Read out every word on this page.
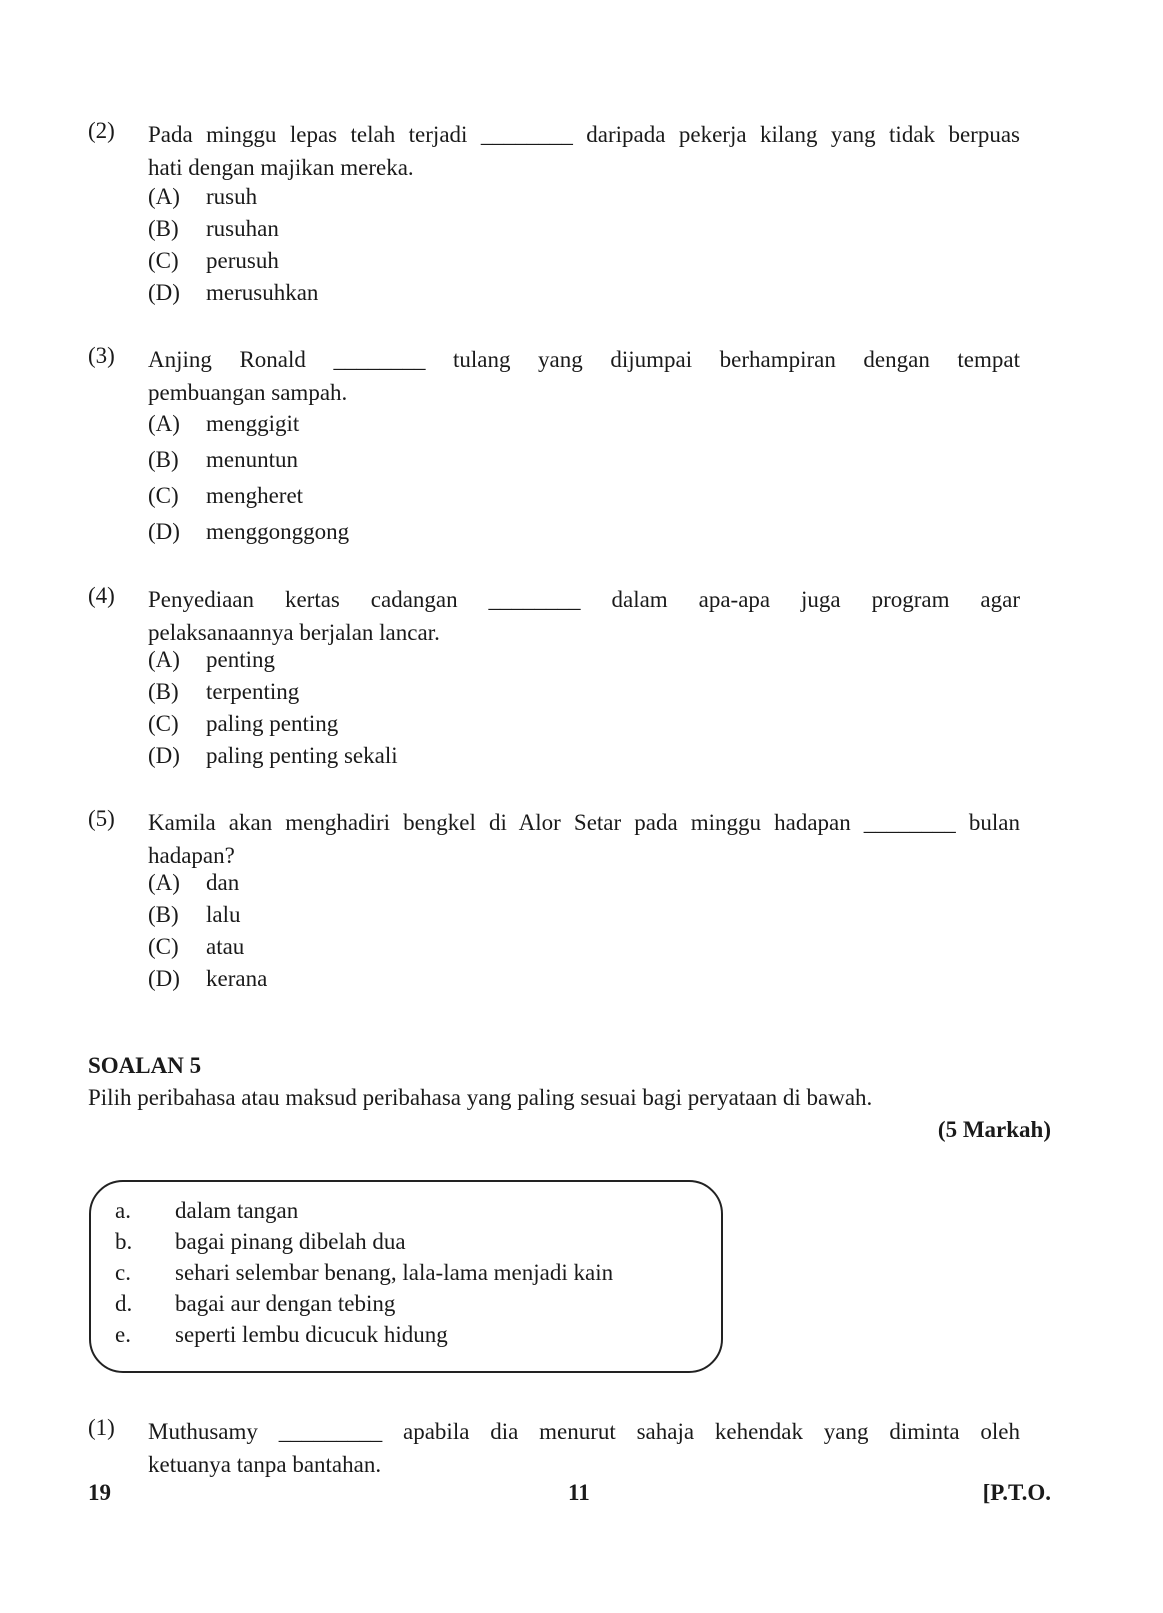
(2) Pada minggu lepas telah terjadi ________ daripada pekerja kilang yang tidak berpuas
hati dengan majikan mereka.
(A) rusuh
(B) rusuhan
(C) perusuh
(D) merusuhkan
(3) Anjing Ronald ________ tulang yang dijumpai berhampiran dengan tempat
pembuangan sampah.
(A) menggigit
(B) menuntun
(C) mengheret
(D) menggonggong
(4) Penyediaan kertas cadangan ________ dalam apa-apa juga program agar
pelaksanaannya berjalan lancar.
(A) penting
(B) terpenting
(C) paling penting
(D) paling penting sekali
(5) Kamila akan menghadiri bengkel di Alor Setar pada minggu hadapan ________ bulan
hadapan?
(A) dan
(B) lalu
(C) atau
(D) kerana
SOALAN 5
Pilih peribahasa atau maksud peribahasa yang paling sesuai bagi peryataan di bawah.
(5 Markah)
a. dalam tangan
b. bagai pinang dibelah dua
c. sehari selembar benang, lala-lama menjadi kain
d. bagai aur dengan tebing
e. seperti lembu dicucuk hidung
(1) Muthusamy _________ apabila dia menurut sahaja kehendak yang diminta oleh
ketuanya tanpa bantahan.
19	11	[P.T.O.
